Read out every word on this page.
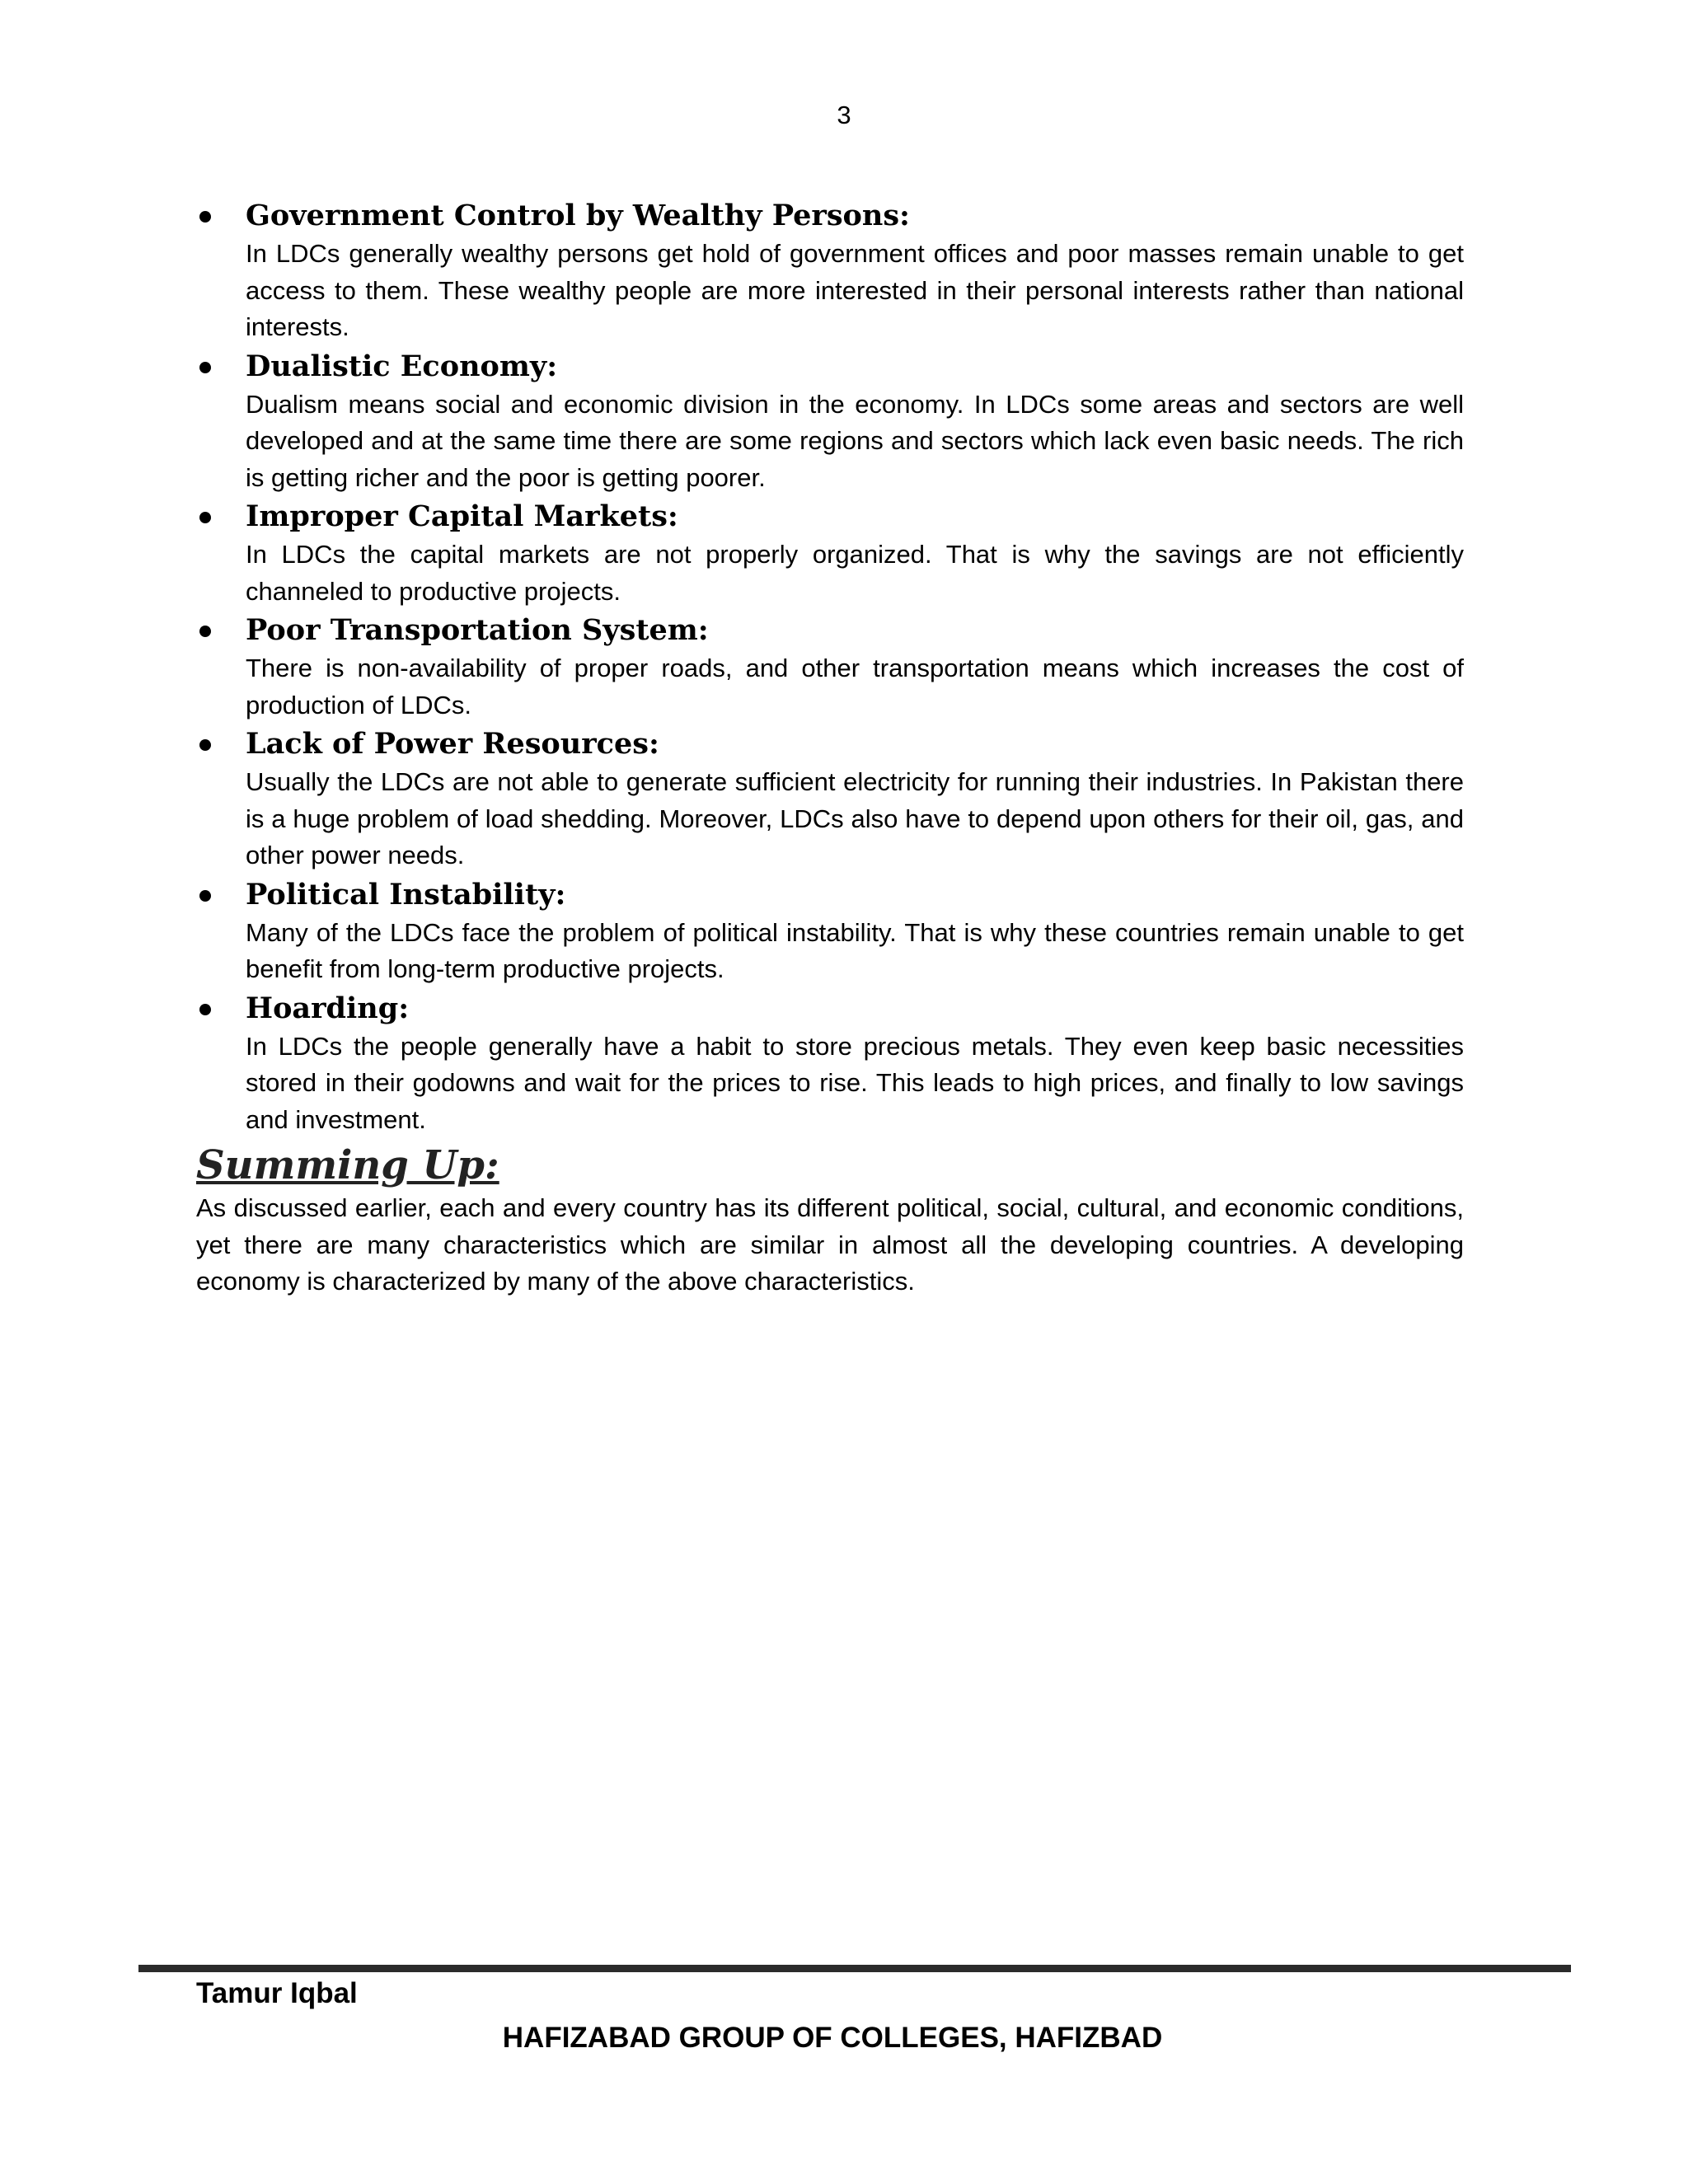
3

Government Control by Wealthy Persons:

In LDCs generally wealthy persons get hold of government offices and poor masses remain unable to get access to them. These wealthy people are more interested in their personal interests rather than national interests.

Dualistic Economy:

Dualism means social and economic division in the economy. In LDCs some areas and sectors are well developed and at the same time there are some regions and sectors which lack even basic needs. The rich is getting richer and the poor is getting poorer.

Improper Capital Markets:

In LDCs the capital markets are not properly organized. That is why the savings are not efficiently channeled to productive projects.

Poor Transportation System:

There is non-availability of proper roads, and other transportation means which increases the cost of production of LDCs.

Lack of Power Resources:

Usually the LDCs are not able to generate sufficient electricity for running their industries. In Pakistan there is a huge problem of load shedding. Moreover, LDCs also have to depend upon others for their oil, gas, and other power needs.

Political Instability:

Many of the LDCs face the problem of political instability. That is why these countries remain unable to get benefit from long-term productive projects.

Hoarding:

In LDCs the people generally have a habit to store precious metals. They even keep basic necessities stored in their godowns and wait for the prices to rise. This leads to high prices, and finally to low savings and investment.

Summing Up:

As discussed earlier, each and every country has its different political, social, cultural, and economic conditions, yet there are many characteristics which are similar in almost all the developing countries. A developing economy is characterized by many of the above characteristics.

Tamur Iqbal
HAFIZABAD GROUP OF COLLEGES, HAFIZBAD
